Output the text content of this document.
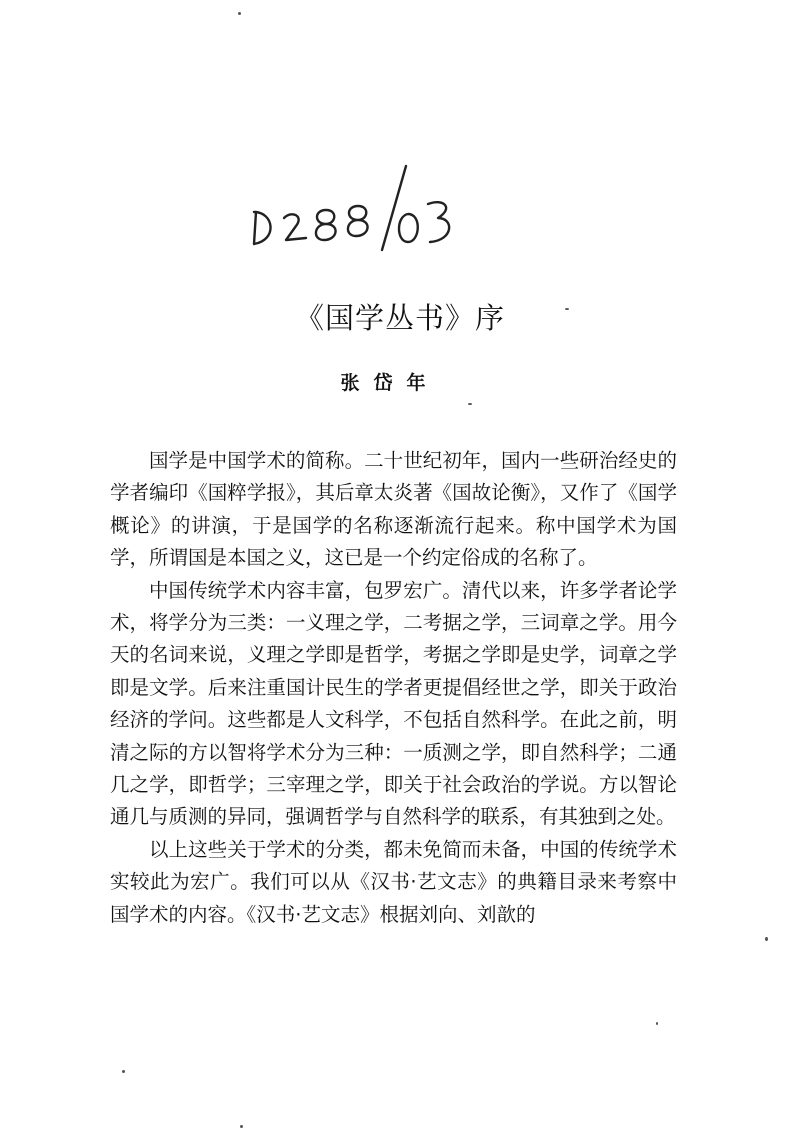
《国学丛书》序
张岱年

国学是中国学术的简称。二十世纪初年，国内一些研治经史的学者编印《国粹学报》，其后章太炎著《国故论衡》，又作了《国学概论》的讲演，于是国学的名称逐渐流行起来。称中国学术为国学，所谓国是本国之义，这已是一个约定俗成的名称了。

中国传统学术内容丰富，包罗宏广。清代以来，许多学者论学术，将学分为三类：一义理之学，二考据之学，三词章之学。用今天的名词来说，义理之学即是哲学，考据之学即是史学，词章之学即是文学。后来注重国计民生的学者更提倡经世之学，即关于政治经济的学问。这些都是人文科学，不包括自然科学。在此之前，明清之际的方以智将学术分为三种：一质测之学，即自然科学；二通几之学，即哲学；三宰理之学，即关于社会政治的学说。方以智论通几与质测的异同，强调哲学与自然科学的联系，有其独到之处。

以上这些关于学术的分类，都未免简而未备，中国的传统学术实较此为宏广。我们可以从《汉书·艺文志》的典籍目录来考察中国学术的内容。《汉书·艺文志》根据刘向、刘歆的
